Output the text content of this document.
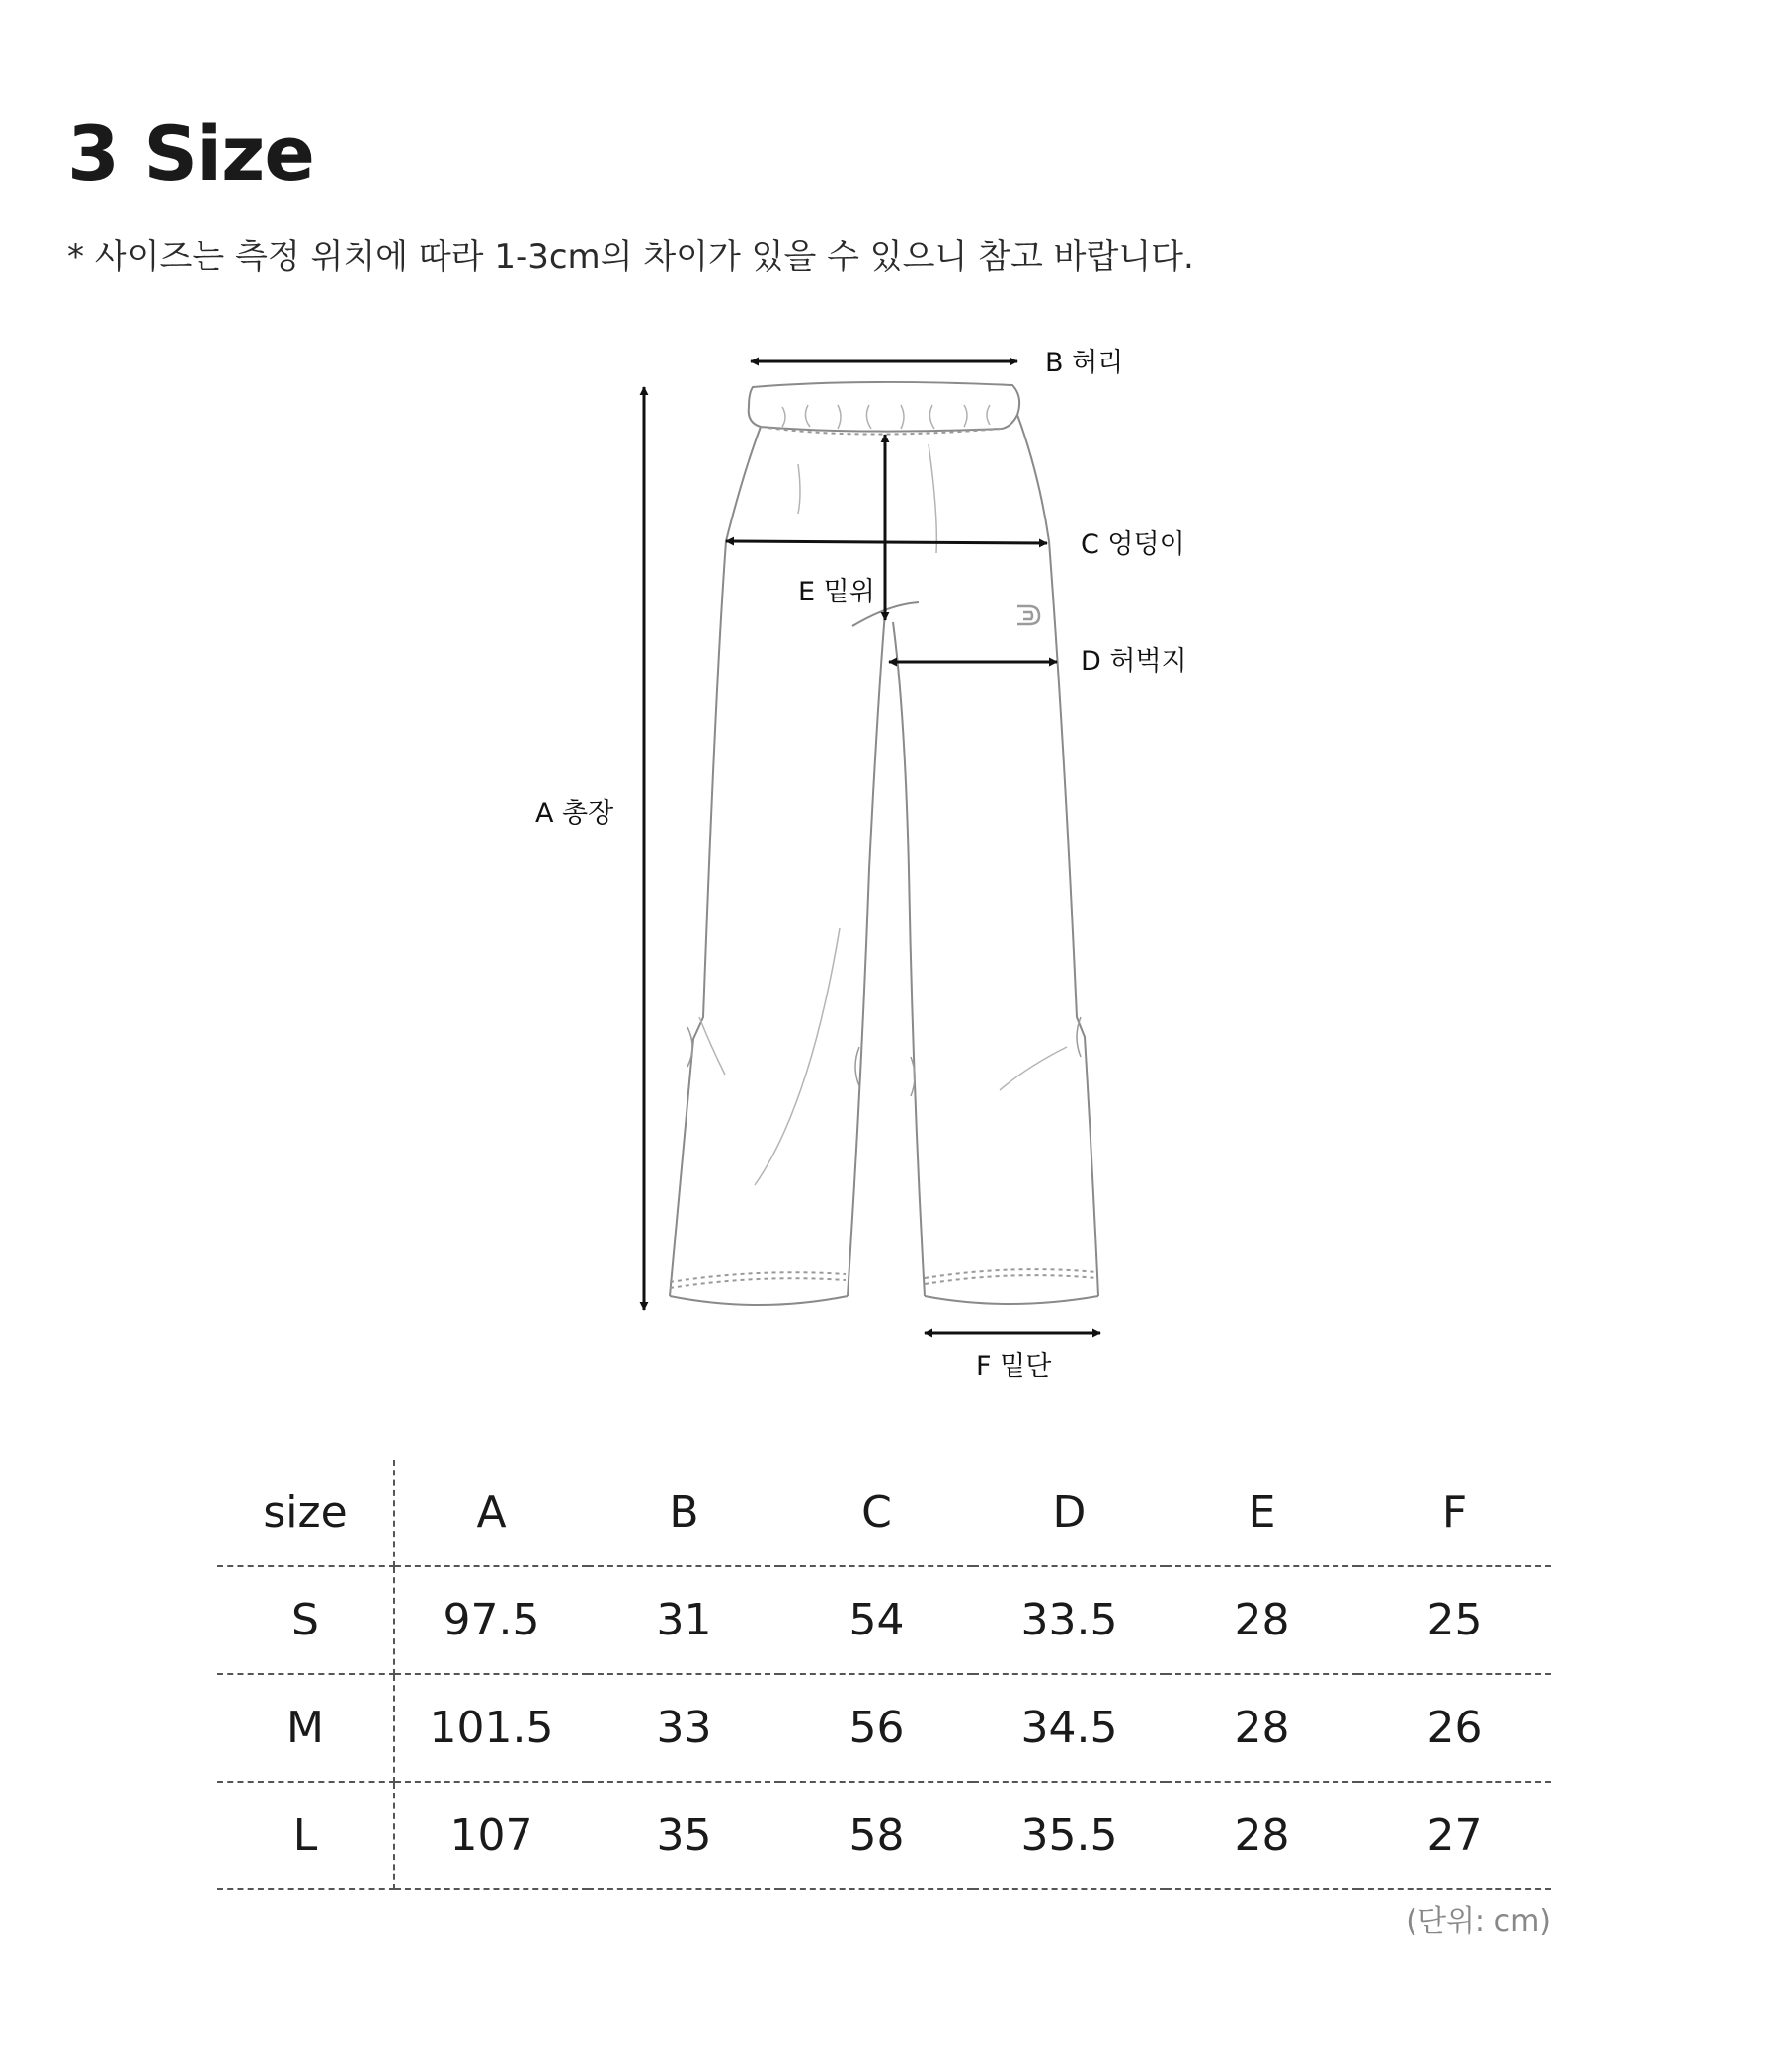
3 Size

* 사이즈는 측정 위치에 따라 1-3cm의 차이가 있을 수 있으니 참고 바랍니다.

A 총장
B 허리
C 엉덩이
D 허벅지
E 밑위
F 밑단
size	A	B	C	D	E	F
S	97.5	31	54	33.5	28	25
M	101.5	33	56	34.5	28	26
L	107	35	58	35.5	28	27

(단위: cm)
